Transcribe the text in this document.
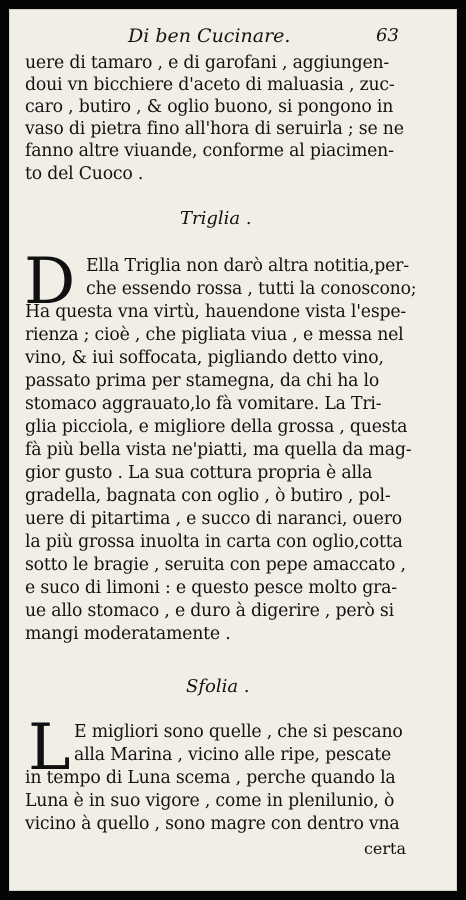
Di ben Cucinare.	63
uere di tamaro , e di garofani , aggiungen-
doui vn bicchiere d'aceto di maluasia , zuc-
caro , butiro , & oglio buono, si pongono in
vaso di pietra fino all'hora di seruirla ; se ne
fanno altre viuande, conforme al piacimen-
to del Cuoco .
Triglia .
D Ella Triglia non darò altra notitia,per-
che essendo rossa , tutti la conoscono;
Ha questa vna virtù, hauendone vista l'espe-
rienza ; cioè , che pigliata viua , e messa nel
vino, & iui soffocata, pigliando detto vino,
passato prima per stamegna, da chi ha lo
stomaco aggrauato,lo fà vomitare. La Tri-
glia picciola, e migliore della grossa , questa
fà più bella vista ne'piatti, ma quella da mag-
gior gusto . La sua cottura propria è alla
gradella, bagnata con oglio , ò butiro , pol-
uere di pitartima , e succo di naranci, ouero
la più grossa inuolta in carta con oglio,cotta
sotto le bragie , seruita con pepe amaccato ,
e suco di limoni : e questo pesce molto gra-
ue allo stomaco , e duro à digerire , però si
mangi moderatamente .
Sfolia .
L E migliori sono quelle , che si pescano
alla Marina , vicino alle ripe, pescate
in tempo di Luna scema , perche quando la
Luna è in suo vigore , come in plenilunio, ò
vicino à quello , sono magre con dentro vna
certa
